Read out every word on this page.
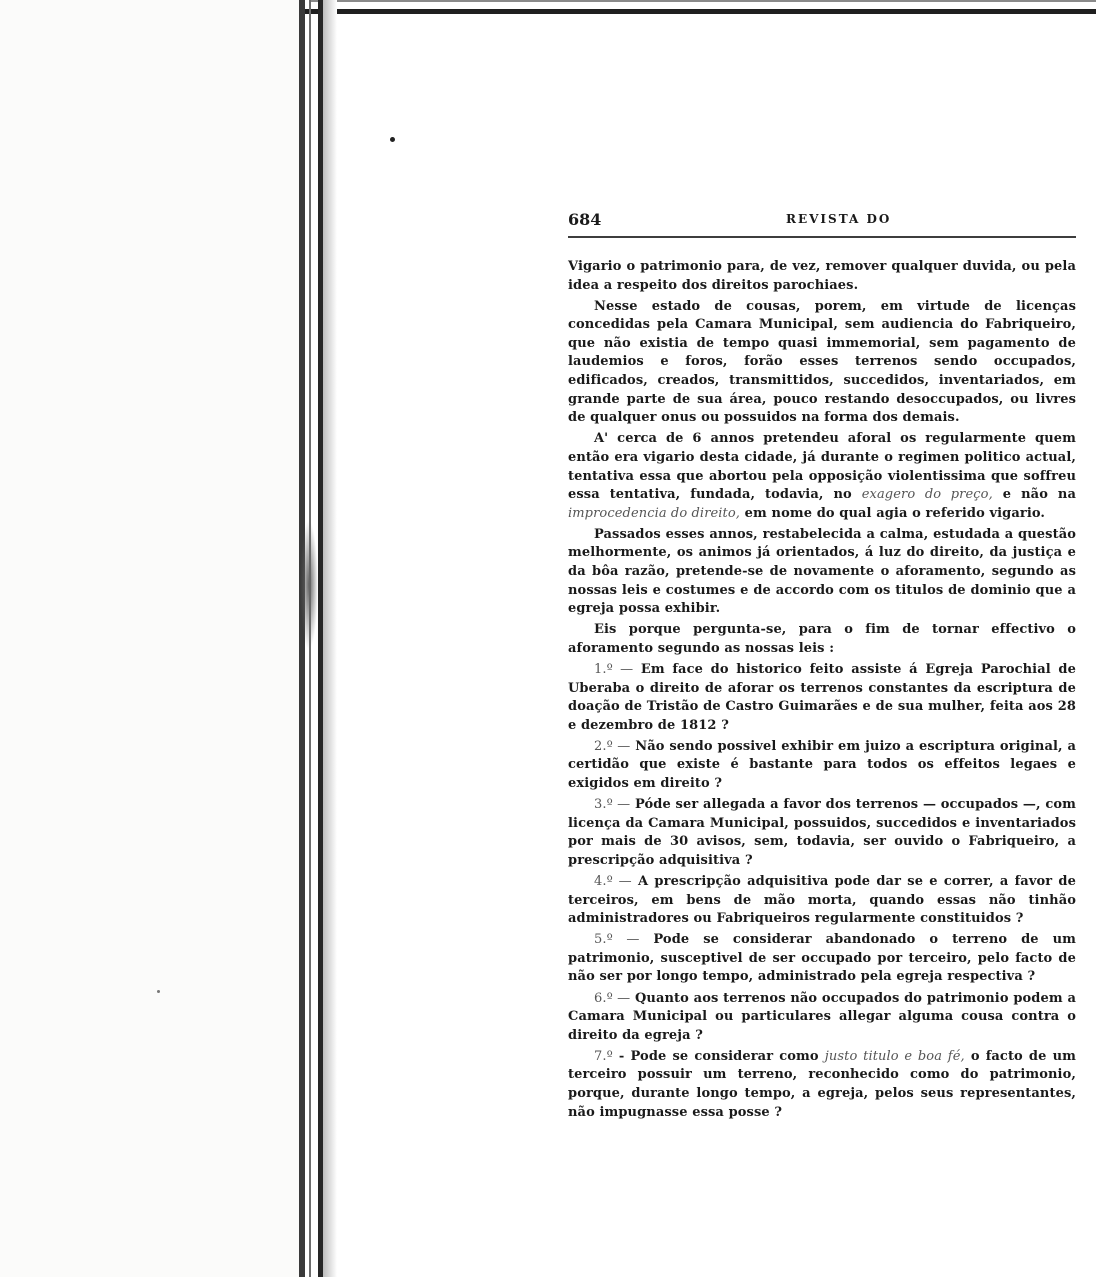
684	REVISTA DO

Vigario o patrimonio para, de vez, remover qualquer duvida, ou pela idea a respeito dos direitos parochiaes.

Nesse estado de cousas, porem, em virtude de licenças concedidas pela Camara Municipal, sem audiencia do Fabriqueiro, que não existia de tempo quasi immemorial, sem pagamento de laudemios e foros, forão esses terrenos sendo occupados, edificados, creados, transmittidos, succedidos, inventariados, em grande parte de sua área, pouco restando desoccupados, ou livres de qualquer onus ou possuidos na forma dos demais.

A' cerca de 6 annos pretendeu aforal os regularmente quem então era vigario desta cidade, já durante o regimen politico actual, tentativa essa que abortou pela opposição violentissima que soffreu essa tentativa, fundada, todavia, no exagero do preço, e não na improcedencia do direito, em nome do qual agia o referido vigario.

Passados esses annos, restabelecida a calma, estudada a questão melhormente, os animos já orientados, á luz do direito, da justiça e da bôa razão, pretende-se de novamente o aforamento, segundo as nossas leis e costumes e de accordo com os titulos de dominio que a egreja possa exhibir.

Eis porque pergunta-se, para o fim de tornar effectivo o aforamento segundo as nossas leis :

1.º — Em face do historico feito assiste á Egreja Parochial de Uberaba o direito de aforar os terrenos constantes da escriptura de doação de Tristão de Castro Guimarães e de sua mulher, feita aos 28 e dezembro de 1812 ?

2.º — Não sendo possivel exhibir em juizo a escriptura original, a certidão que existe é bastante para todos os effeitos legaes e exigidos em direito ?

3.º — Póde ser allegada a favor dos terrenos — occupados —, com licença da Camara Municipal, possuidos, succedidos e inventariados por mais de 30 avisos, sem, todavia, ser ouvido o Fabriqueiro, a prescripção adquisitiva ?

4.º — A prescripção adquisitiva pode dar se e correr, a favor de terceiros, em bens de mão morta, quando essas não tinhão administradores ou Fabriqueiros regularmente constituidos ?

5.º — Pode se considerar abandonado o terreno de um patrimonio, susceptivel de ser occupado por terceiro, pelo facto de não ser por longo tempo, administrado pela egreja respectiva ?

6.º — Quanto aos terrenos não occupados do patrimonio podem a Camara Municipal ou particulares allegar alguma cousa contra o direito da egreja ?

7.º - Pode se considerar como justo titulo e boa fé, o facto de um terceiro possuir um terreno, reconhecido como do patrimonio, porque, durante longo tempo, a egreja, pelos seus representantes, não impugnasse essa posse ?
